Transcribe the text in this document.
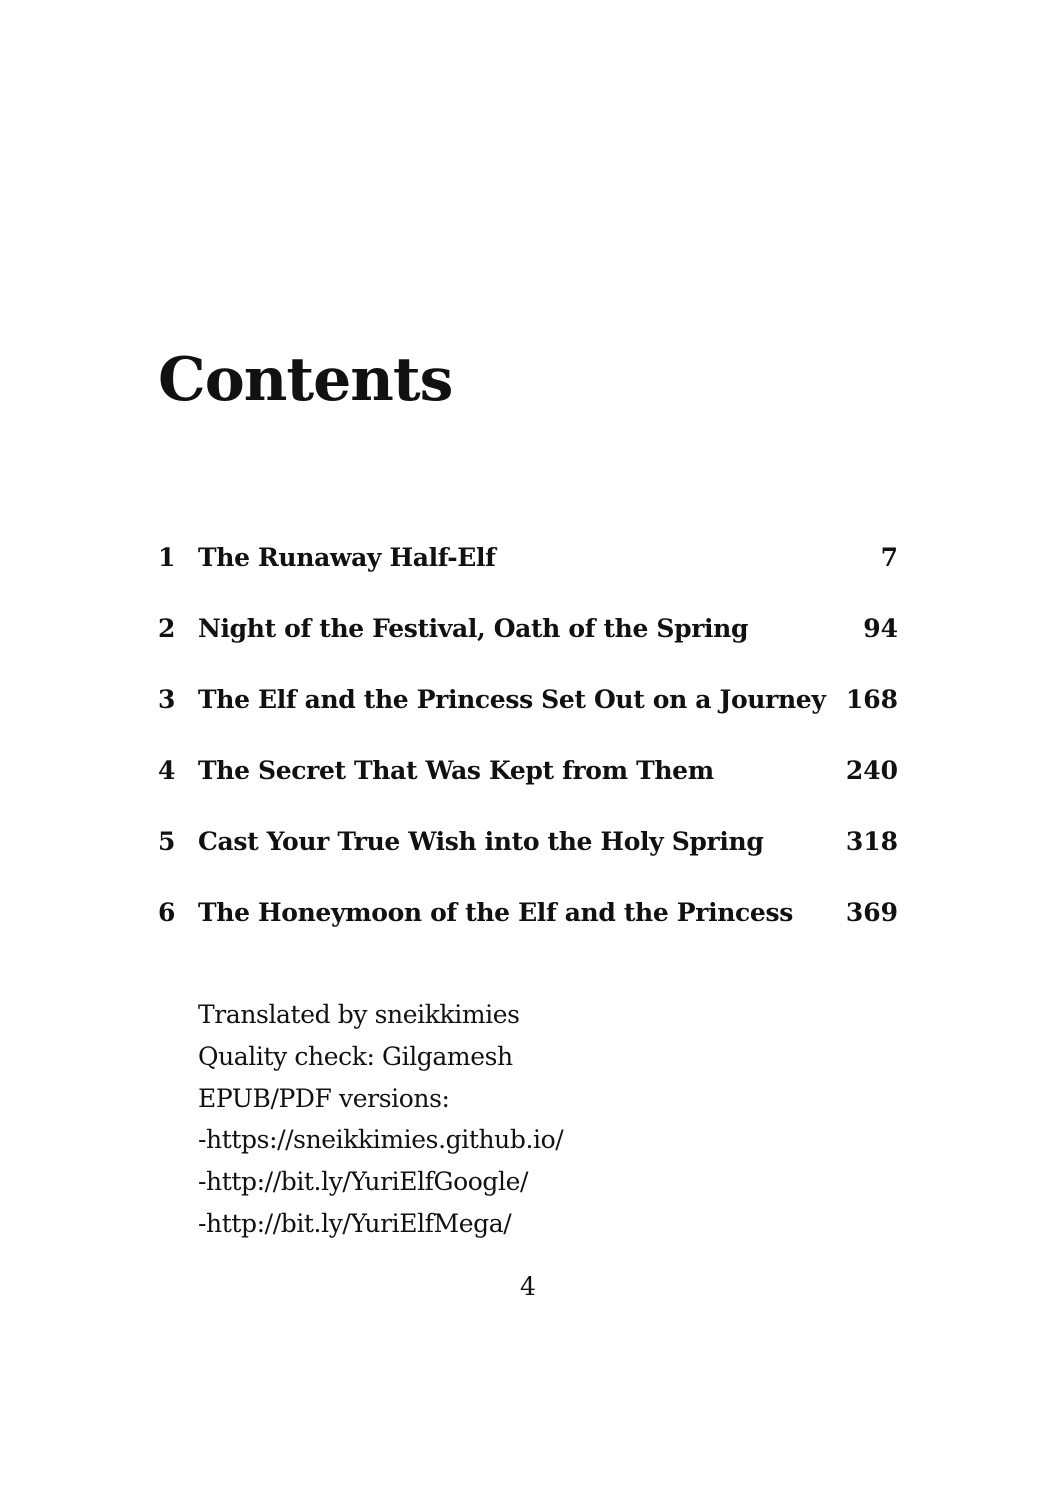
Contents
1 The Runaway Half-Elf	7
2 Night of the Festival, Oath of the Spring	94
3 The Elf and the Princess Set Out on a Journey 168
4 The Secret That Was Kept from Them	240
5 Cast Your True Wish into the Holy Spring	318
6 The Honeymoon of the Elf and the Princess	369
Translated by sneikkimies
Quality check: Gilgamesh
EPUB/PDF versions:
-https://sneikkimies.github.io/
-http://bit.ly/YuriElfGoogle/
-http://bit.ly/YuriElfMega/
4
